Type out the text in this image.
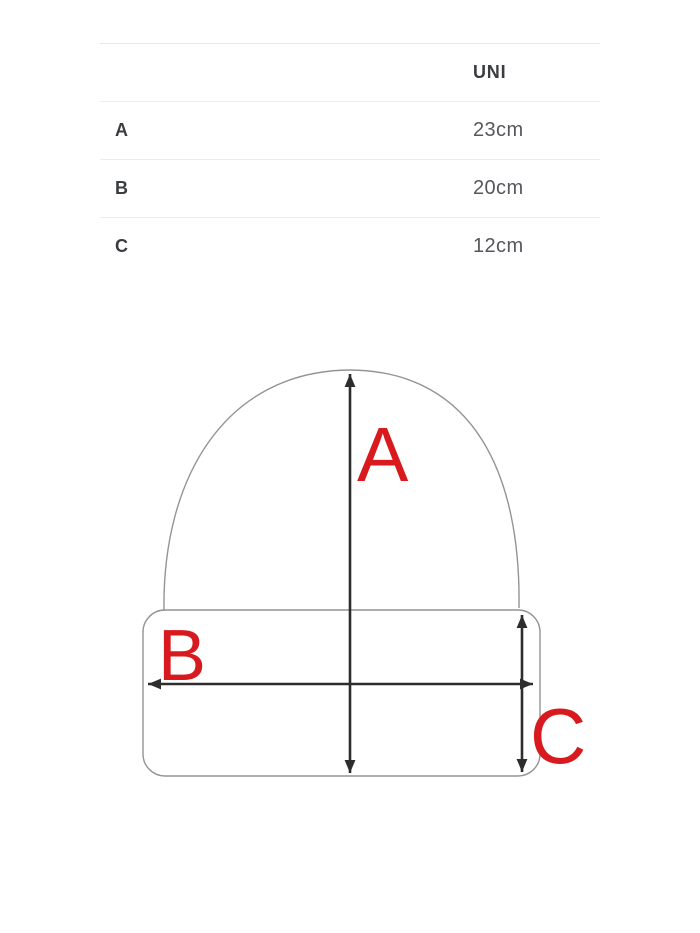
UNI
A	23cm
B	20cm
C	12cm
A
B
C
